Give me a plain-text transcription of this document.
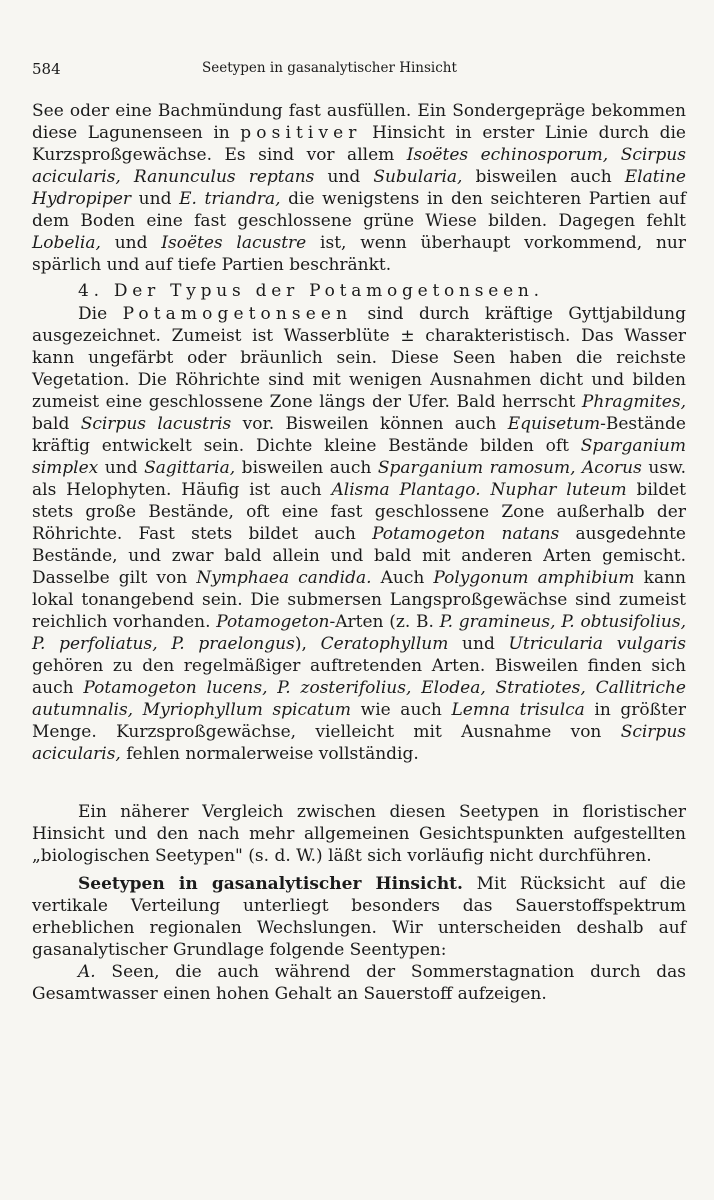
584	Seetypen in gasanalytischer Hinsicht

See oder eine Bachmündung fast ausfüllen. Ein Sondergepräge bekommen diese Lagunenseen in positiver Hinsicht in erster Linie durch die Kurzsproßgewächse. Es sind vor allem Isoëtes echinosporum, Scirpus acicularis, Ranunculus reptans und Subularia, bisweilen auch Elatine Hydropiper und E. triandra, die wenigstens in den seichteren Partien auf dem Boden eine fast geschlossene grüne Wiese bilden. Dagegen fehlt Lobelia, und Isoëtes lacustre ist, wenn überhaupt vorkommend, nur spärlich und auf tiefe Partien beschränkt.

4. Der Typus der Potamogetonseen.

Die Potamogetonseen sind durch kräftige Gyttjabildung ausgezeichnet. Zumeist ist Wasserblüte ± charakteristisch. Das Wasser kann ungefärbt oder bräunlich sein. Diese Seen haben die reichste Vegetation. Die Röhrichte sind mit wenigen Ausnahmen dicht und bilden zumeist eine geschlossene Zone längs der Ufer. Bald herrscht Phragmites, bald Scirpus lacustris vor. Bisweilen können auch Equisetum-Bestände kräftig entwickelt sein. Dichte kleine Bestände bilden oft Sparganium simplex und Sagittaria, bisweilen auch Sparganium ramosum, Acorus usw. als Helophyten. Häufig ist auch Alisma Plantago. Nuphar luteum bildet stets große Bestände, oft eine fast geschlossene Zone außerhalb der Röhrichte. Fast stets bildet auch Potamogeton natans ausgedehnte Bestände, und zwar bald allein und bald mit anderen Arten gemischt. Dasselbe gilt von Nymphaea candida. Auch Polygonum amphibium kann lokal tonangebend sein. Die submersen Langsproßgewächse sind zumeist reichlich vorhanden. Potamogeton-Arten (z. B. P. gramineus, P. obtusifolius, P. perfoliatus, P. praelongus), Ceratophyllum und Utricularia vulgaris gehören zu den regelmäßiger auftretenden Arten. Bisweilen finden sich auch Potamogeton lucens, P. zosterifolius, Elodea, Stratiotes, Callitriche autumnalis, Myriophyllum spicatum wie auch Lemna trisulca in größter Menge. Kurzsproßgewächse, vielleicht mit Ausnahme von Scirpus acicularis, fehlen normalerweise vollständig.

Ein näherer Vergleich zwischen diesen Seetypen in floristischer Hinsicht und den nach mehr allgemeinen Gesichtspunkten aufgestellten „biologischen Seetypen" (s. d. W.) läßt sich vorläufig nicht durchführen.

Seetypen in gasanalytischer Hinsicht. Mit Rücksicht auf die vertikale Verteilung unterliegt besonders das Sauerstoffspektrum erheblichen regionalen Wechslungen. Wir unterscheiden deshalb auf gasanalytischer Grundlage folgende Seentypen:

A. Seen, die auch während der Sommerstagnation durch das Gesamtwasser einen hohen Gehalt an Sauerstoff aufzeigen.
